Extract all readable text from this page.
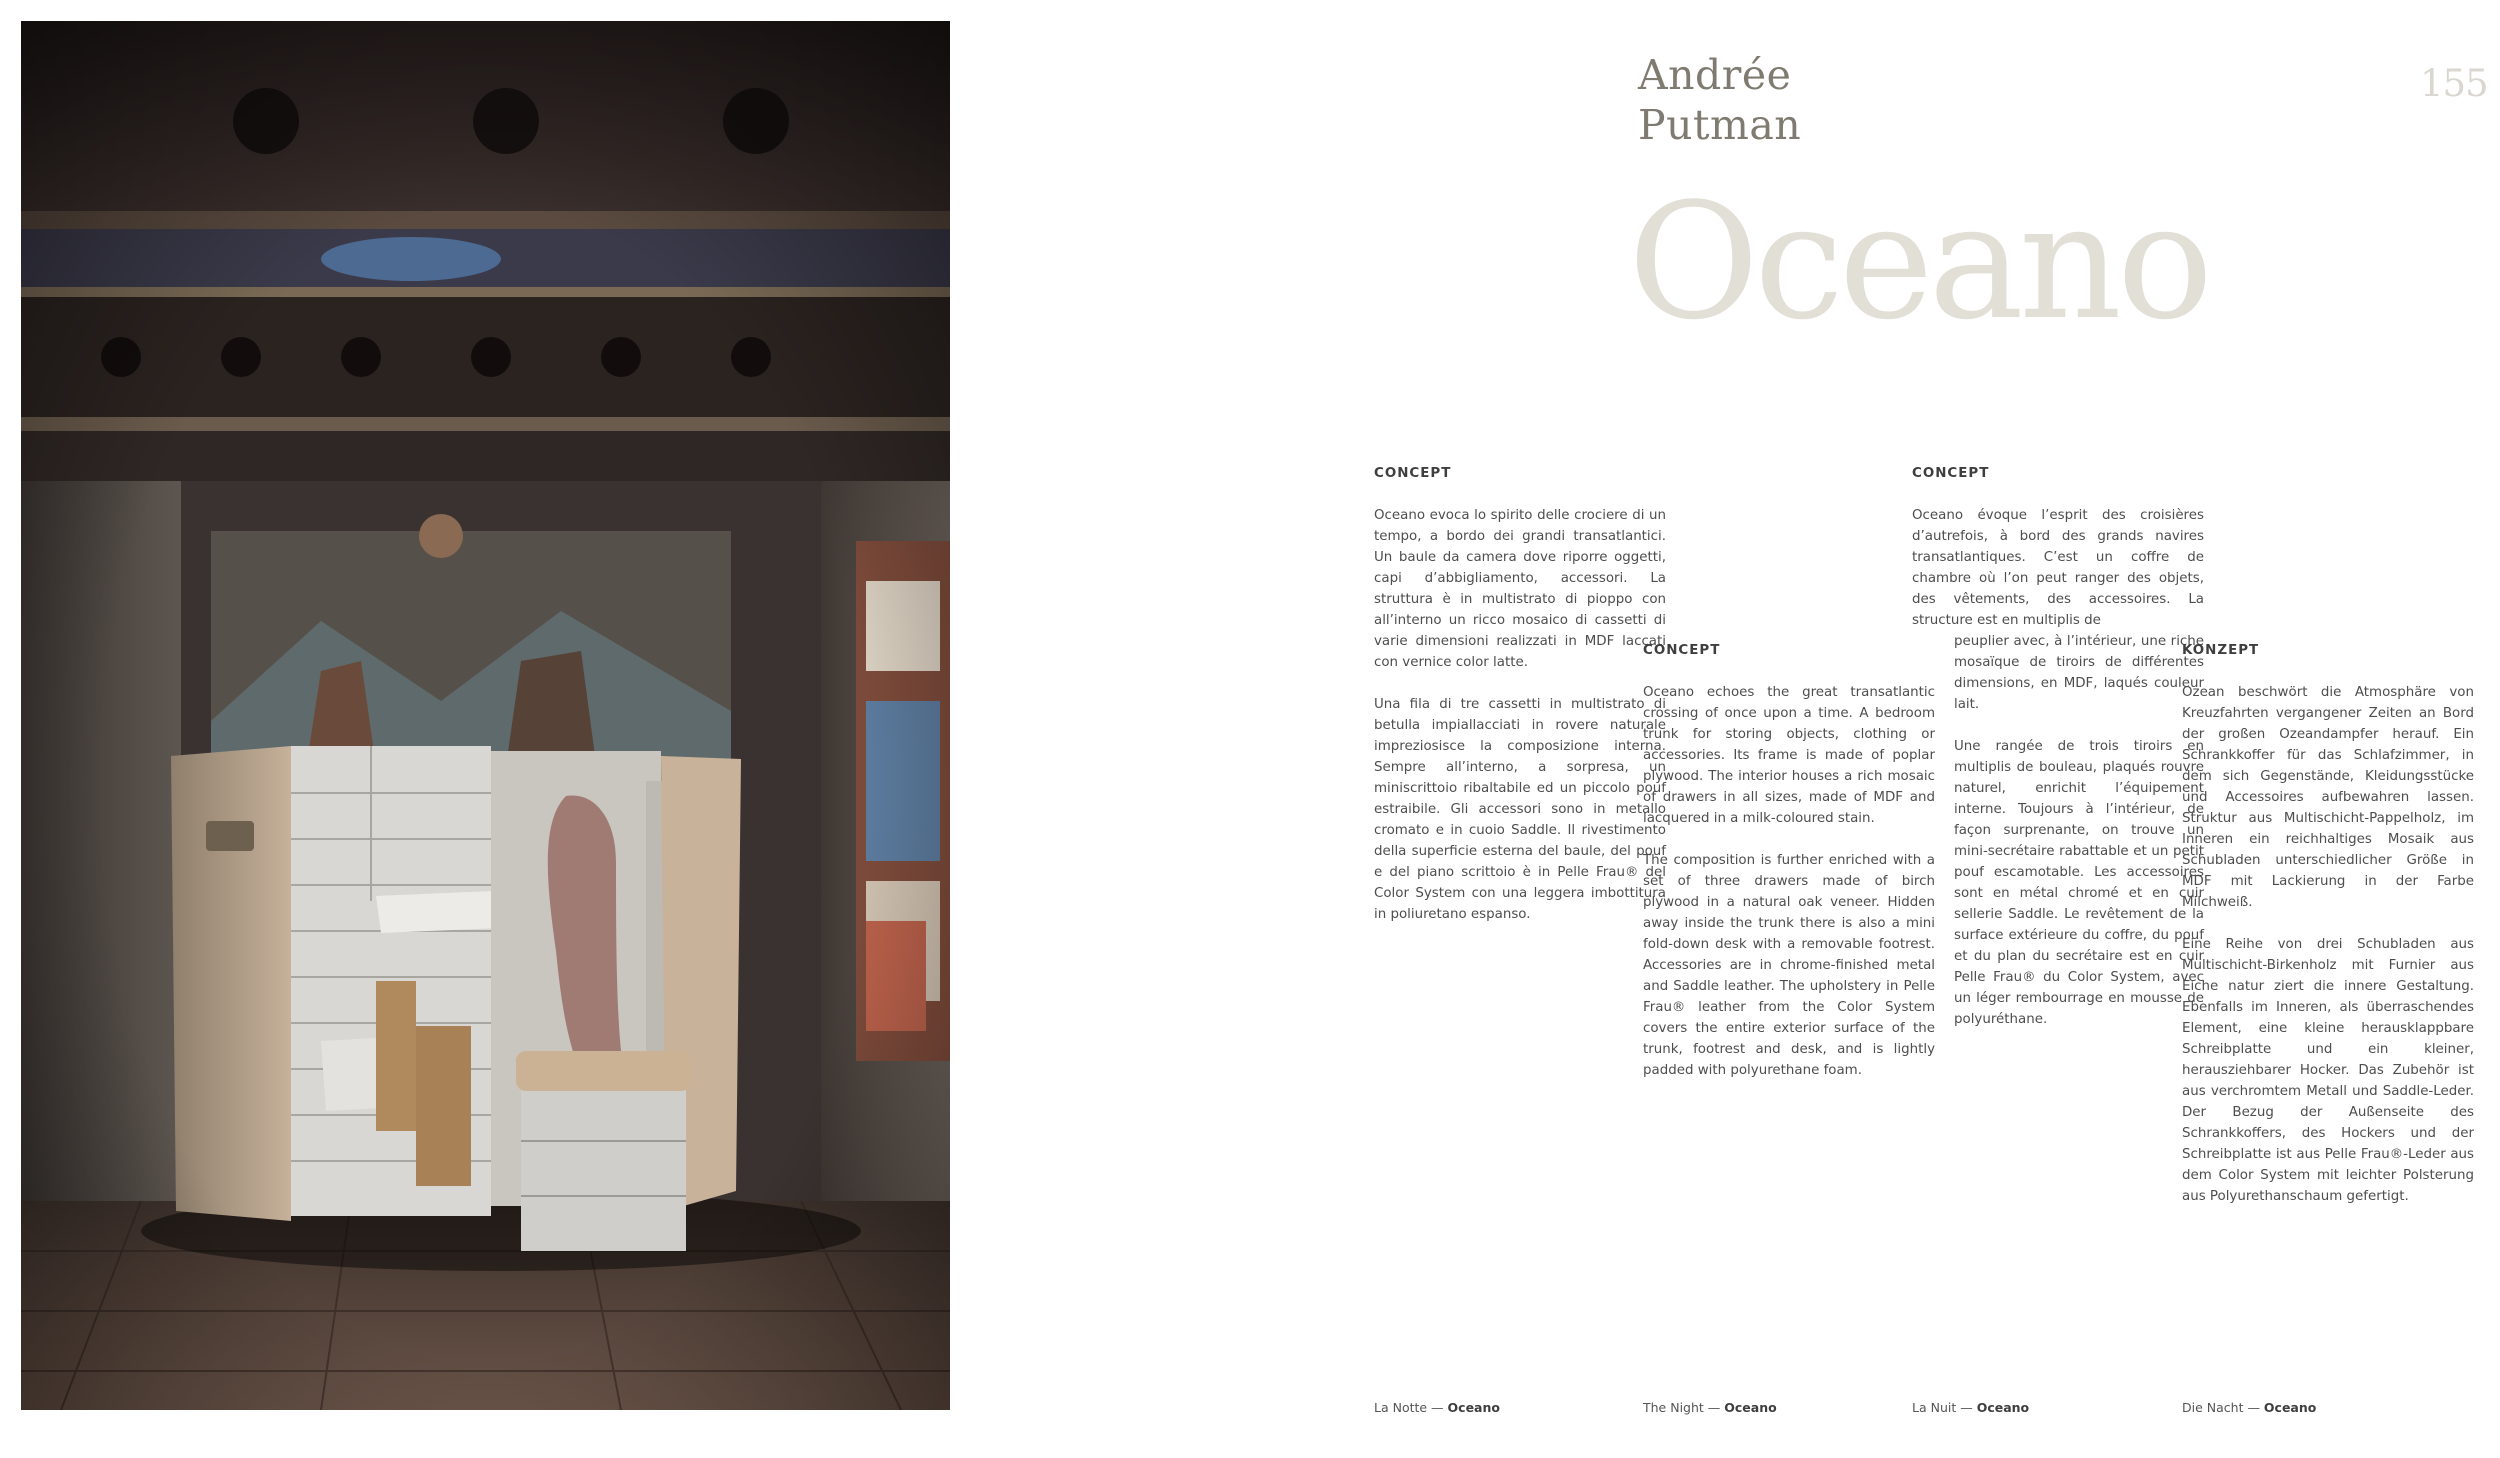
Andrée
Putman
155
Oceano
CONCEPT

Oceano evoca lo spirito delle crociere di un tempo, a bordo dei grandi transatlantici. Un baule da camera dove riporre oggetti, capi d’abbigliamento, accessori. La struttura è in multistrato di pioppo con all’interno un ricco mosaico di cassetti di varie dimensioni realizzati in MDF laccati con vernice color latte.

Una fila di tre cassetti in multistrato di betulla impiallacciati in rovere naturale impreziosisce la composizione interna. Sempre all’interno, a sorpresa, un miniscrittoio ribaltabile ed un piccolo pouf estraibile. Gli accessori sono in metallo cromato e in cuoio Saddle. Il rivestimento della superficie esterna del baule, del pouf e del piano scrittoio è in Pelle Frau® del Color System con una leggera imbottitura in poliuretano espanso.

CONCEPT

Oceano echoes the great transatlantic crossing of once upon a time. A bedroom trunk for storing objects, clothing or accessories. Its frame is made of poplar plywood. The interior houses a rich mosaic of drawers in all sizes, made of MDF and lacquered in a milk-coloured stain.

The composition is further enriched with a set of three drawers made of birch plywood in a natural oak veneer. Hidden away inside the trunk there is also a mini fold-down desk with a removable footrest. Accessories are in chrome-finished metal and Saddle leather. The upholstery in Pelle Frau® leather from the Color System covers the entire exterior surface of the trunk, footrest and desk, and is lightly padded with polyurethane foam.

CONCEPT

Oceano évoque l’esprit des croisières d’autrefois, à bord des grands navires transatlantiques. C’est un coffre de chambre où l’on peut ranger des objets, des vêtements, des accessoires. La structure est en multiplis de

peuplier avec, à l’intérieur, une riche mosaïque de tiroirs de différentes dimensions, en MDF, laqués couleur lait.

Une rangée de trois tiroirs en multiplis de bouleau, plaqués rouvre naturel, enrichit l’équipement interne. Toujours à l’intérieur, de façon surprenante, on trouve un mini-secrétaire rabattable et un petit pouf escamotable. Les accessoires sont en métal chromé et en cuir sellerie Saddle. Le revêtement de la surface extérieure du coffre, du pouf et du plan du secrétaire est en cuir Pelle Frau® du Color System, avec un léger rembourrage en mousse de polyuréthane.

KONZEPT

Ozean beschwört die Atmosphäre von Kreuzfahrten vergangener Zeiten an Bord der großen Ozeandampfer herauf. Ein Schrankkoffer für das Schlafzimmer, in dem sich Gegenstände, Kleidungsstücke und Accessoires aufbewahren lassen. Struktur aus Multischicht-Pappelholz, im Inneren ein reichhaltiges Mosaik aus Schubladen unterschiedlicher Größe in MDF mit Lackierung in der Farbe Milchweiß.

Eine Reihe von drei Schubladen aus Multischicht-Birkenholz mit Furnier aus Eiche natur ziert die innere Gestaltung. Ebenfalls im Inneren, als überraschendes Element, eine kleine herausklappbare Schreibplatte und ein kleiner, herausziehbarer Hocker. Das Zubehör ist aus verchromtem Metall und Saddle-Leder. Der Bezug der Außenseite des Schrankkoffers, des Hockers und der Schreibplatte ist aus Pelle Frau®-Leder aus dem Color System mit leichter Polsterung aus Polyurethanschaum gefertigt.

La Notte — Oceano	The Night — Oceano	La Nuit — Oceano	Die Nacht — Oceano
